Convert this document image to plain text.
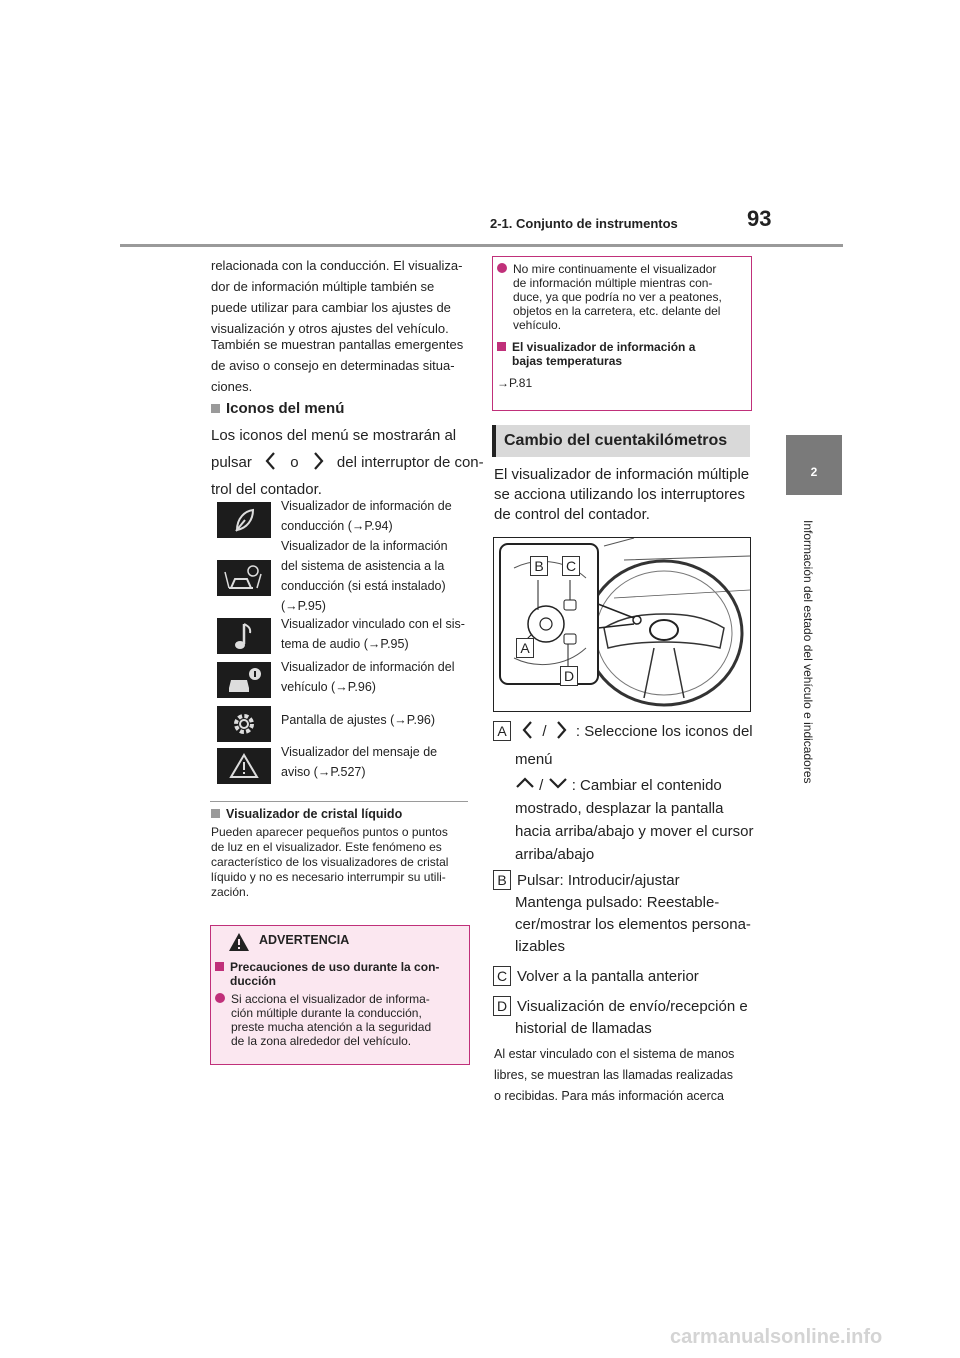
2-1. Conjunto de instrumentos	93
2
Información del estado del vehículo e indicadores
relacionada con la conducción. El visualiza-
dor de información múltiple también se
puede utilizar para cambiar los ajustes de
visualización y otros ajustes del vehículo.
También se muestran pantallas emergentes
de aviso o consejo en determinadas situa-
ciones.
Iconos del menú
Los iconos del menú se mostrarán al
pulsar	o	del interruptor de con-
trol del contador.
Visualizador de información de
conducción (→P.94)
Visualizador de la información
del sistema de asistencia a la
conducción (si está instalado)
(→P.95)
Visualizador vinculado con el sis-
tema de audio (→P.95)
Visualizador de información del
vehículo (→P.96)
Pantalla de ajustes (→P.96)
Visualizador del mensaje de
aviso (→P.527)
Visualizador de cristal líquido
Pueden aparecer pequeños puntos o puntos
de luz en el visualizador. Este fenómeno es
característico de los visualizadores de cristal
líquido y no es necesario interrumpir su utili-
zación.
ADVERTENCIA
Precauciones de uso durante la con-
ducción
Si acciona el visualizador de informa-
ción múltiple durante la conducción,
preste mucha atención a la seguridad
de la zona alrededor del vehículo.
No mire continuamente el visualizador
de información múltiple mientras con-
duce, ya que podría no ver a peatones,
objetos en la carretera, etc. delante del
vehículo.
El visualizador de información a
bajas temperaturas
→P.81
Cambio del cuentakilómetros
El visualizador de información múltiple
se acciona utilizando los interruptores
de control del contador.
B	C
A
D
A / : Seleccione los iconos del
menú
/ : Cambiar el contenido
mostrado, desplazar la pantalla
hacia arriba/abajo y mover el cursor
arriba/abajo
B Pulsar: Introducir/ajustar
Mantenga pulsado: Reestable-
cer/mostrar los elementos persona-
lizables
C Volver a la pantalla anterior
D Visualización de envío/recepción e
historial de llamadas
Al estar vinculado con el sistema de manos
libres, se muestran las llamadas realizadas
o recibidas. Para más información acerca
carmanualsonline.info
